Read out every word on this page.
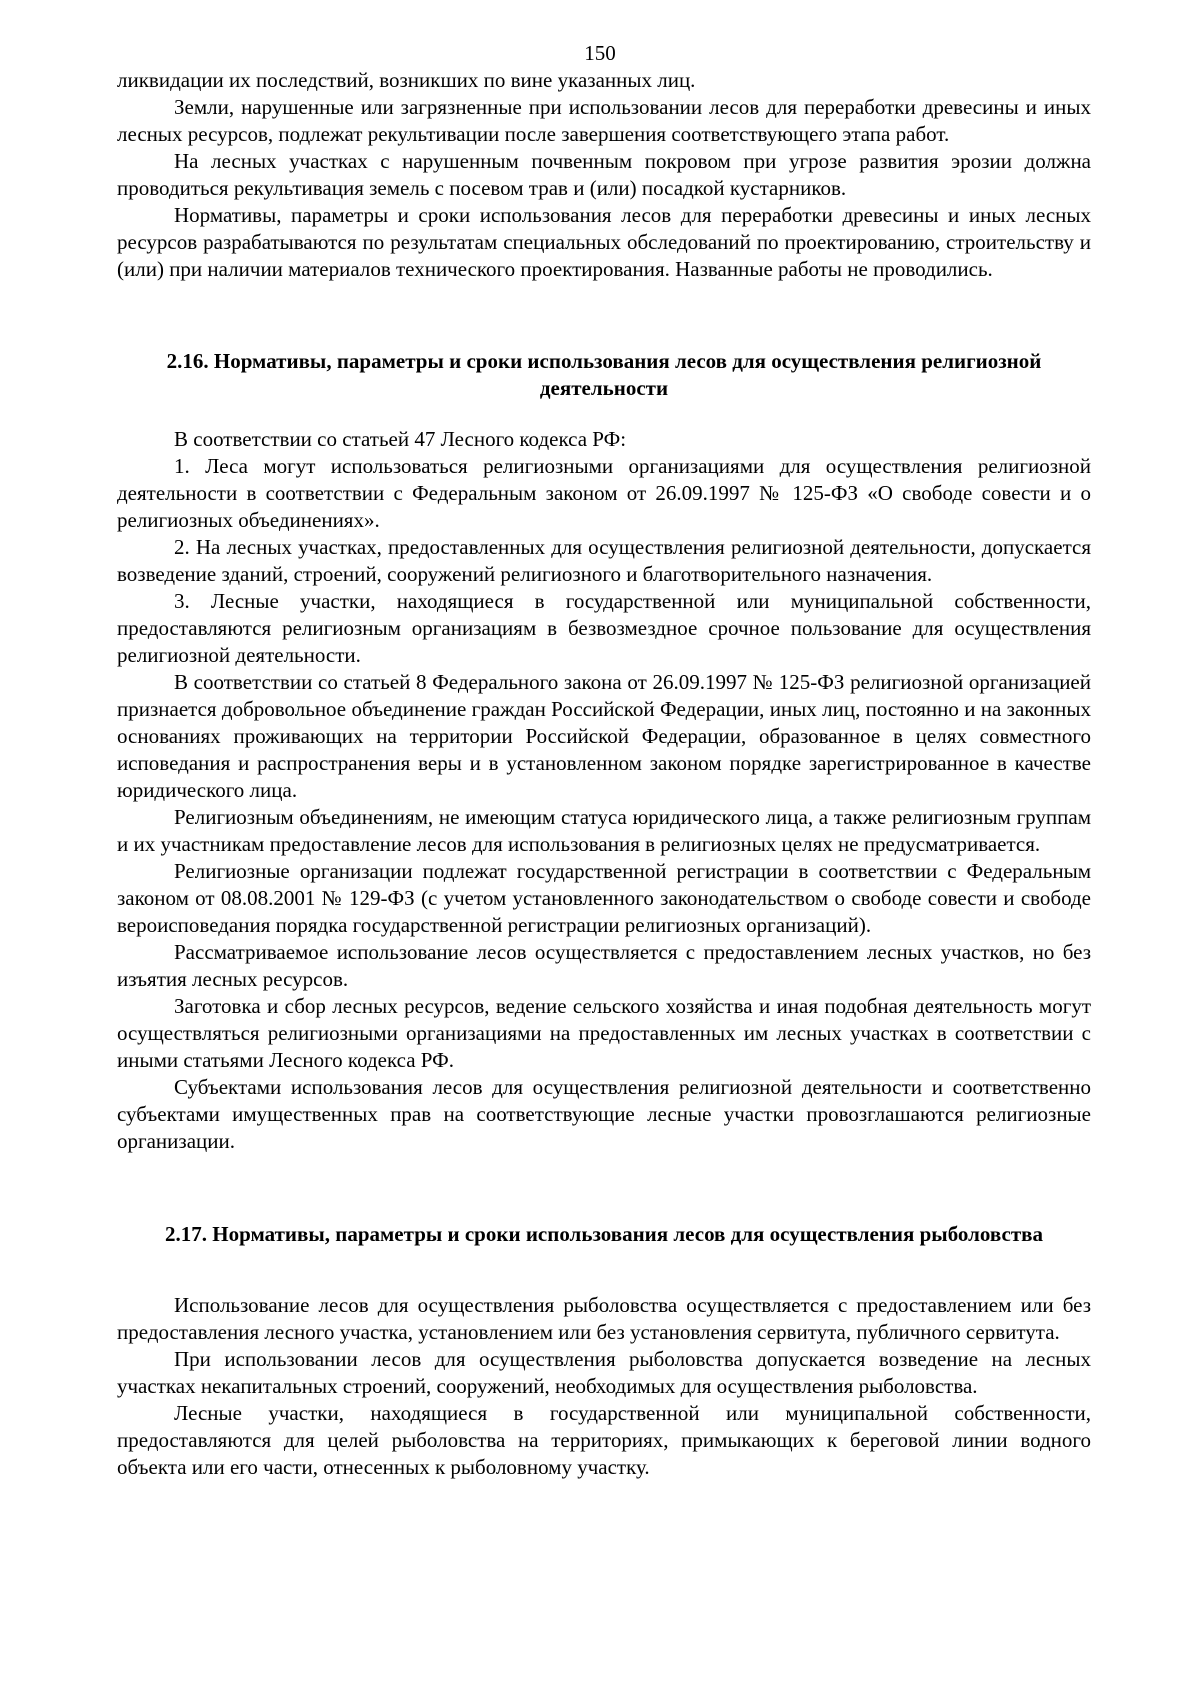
150

ликвидации их последствий, возникших по вине указанных лиц.

Земли, нарушенные или загрязненные при использовании лесов для переработки древесины и иных лесных ресурсов, подлежат рекультивации после завершения соответствующего этапа работ.

На лесных участках с нарушенным почвенным покровом при угрозе развития эрозии должна проводиться рекультивация земель с посевом трав и (или) посадкой кустарников.

Нормативы, параметры и сроки использования лесов для переработки древесины и иных лесных ресурсов разрабатываются по результатам специальных обследований по проектированию, строительству и (или) при наличии материалов технического проектирования. Названные работы не проводились.

2.16. Нормативы, параметры и сроки использования лесов для осуществления религиозной деятельности

В соответствии со статьей 47 Лесного кодекса РФ:

1. Леса могут использоваться религиозными организациями для осуществления религиозной деятельности в соответствии с Федеральным законом от 26.09.1997 № 125-ФЗ «О свободе совести и о религиозных объединениях».

2. На лесных участках, предоставленных для осуществления религиозной деятельности, допускается возведение зданий, строений, сооружений религиозного и благотворительного назначения.

3. Лесные участки, находящиеся в государственной или муниципальной собственности, предоставляются религиозным организациям в безвозмездное срочное пользование для осуществления религиозной деятельности.

В соответствии со статьей 8 Федерального закона от 26.09.1997 № 125-ФЗ религиозной организацией признается добровольное объединение граждан Российской Федерации, иных лиц, постоянно и на законных основаниях проживающих на территории Российской Федерации, образованное в целях совместного исповедания и распространения веры и в установленном законом порядке зарегистрированное в качестве юридического лица.

Религиозным объединениям, не имеющим статуса юридического лица, а также религиозным группам и их участникам предоставление лесов для использования в религиозных целях не предусматривается.

Религиозные организации подлежат государственной регистрации в соответствии с Федеральным законом от 08.08.2001 № 129-ФЗ (с учетом установленного законодательством о свободе совести и свободе вероисповедания порядка государственной регистрации религиозных организаций).

Рассматриваемое использование лесов осуществляется с предоставлением лесных участков, но без изъятия лесных ресурсов.

Заготовка и сбор лесных ресурсов, ведение сельского хозяйства и иная подобная деятельность могут осуществляться религиозными организациями на предоставленных им лесных участках в соответствии с иными статьями Лесного кодекса РФ.

Субъектами использования лесов для осуществления религиозной деятельности и соответственно субъектами имущественных прав на соответствующие лесные участки провозглашаются религиозные организации.

2.17. Нормативы, параметры и сроки использования лесов для осуществления рыболовства

Использование лесов для осуществления рыболовства осуществляется с предоставлением или без предоставления лесного участка, установлением или без установления сервитута, публичного сервитута.

При использовании лесов для осуществления рыболовства допускается возведение на лесных участках некапитальных строений, сооружений, необходимых для осуществления рыболовства.

Лесные участки, находящиеся в государственной или муниципальной собственности, предоставляются для целей рыболовства на территориях, примыкающих к береговой линии водного объекта или его части, отнесенных к рыболовному участку.
